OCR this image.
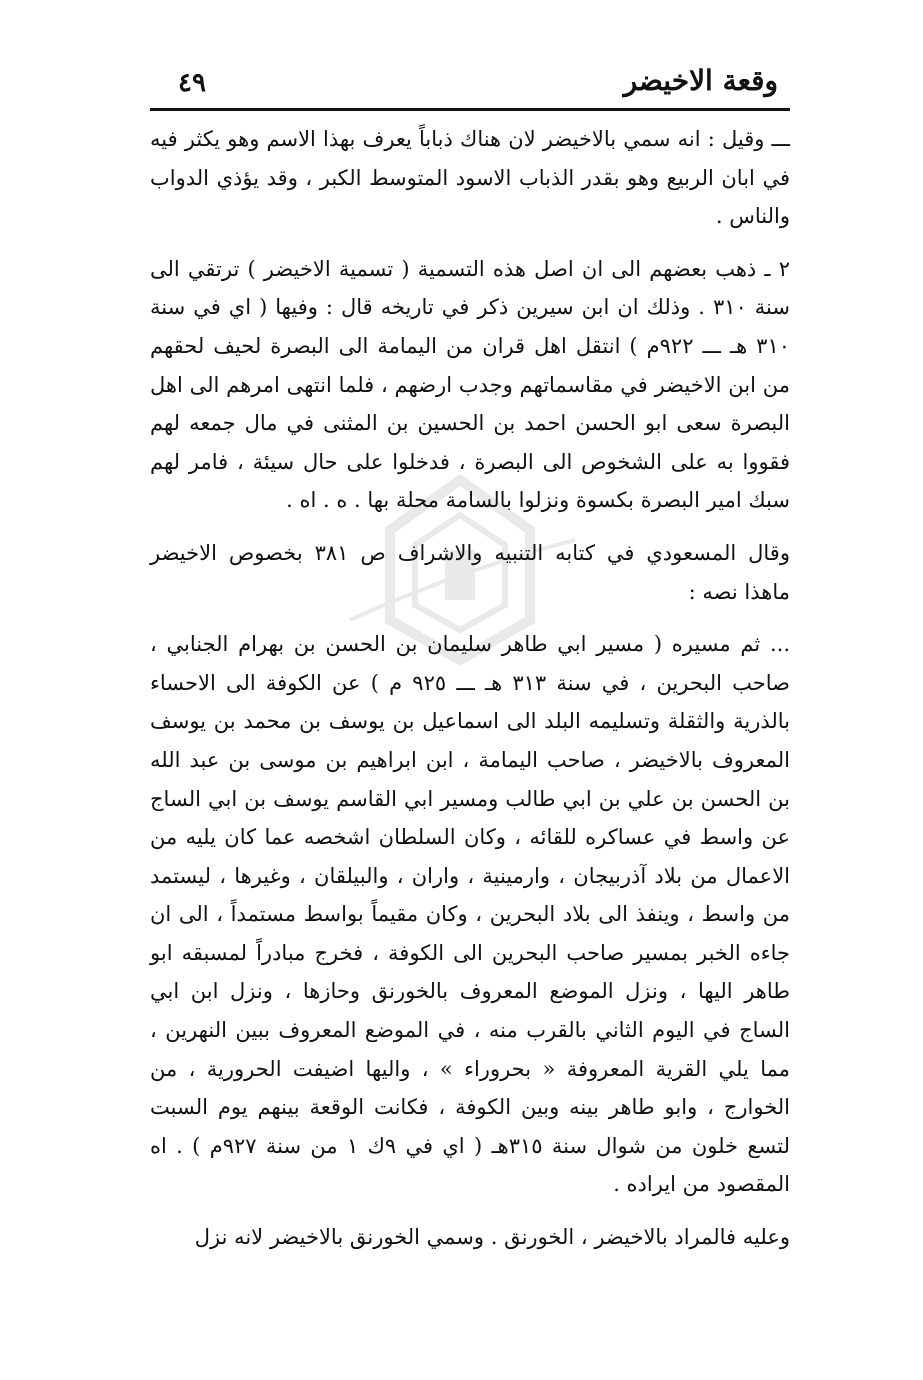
٤٩	وقعة الاخيضر

ـــ وقيل : انه سمي بالاخيضر لان هناك ذباباً يعرف بهذا الاسم وهو يكثر فيه في ابان الربيع وهو بقدر الذباب الاسود المتوسط الكبر ، وقد يؤذي الدواب والناس .

٢ ـ ذهب بعضهم الى ان اصل هذه التسمية ( تسمية الاخيضر ) ترتقي الى سنة ٣١٠ . وذلك ان ابن سيرين ذكر في تاريخه قال : وفيها ( اي في سنة ٣١٠ هـ ـــ ٩٢٢م ) انتقل اهل قران من اليمامة الى البصرة لحيف لحقهم من ابن الاخيضر في مقاسماتهم وجدب ارضهم ، فلما انتهى امرهم الى اهل البصرة سعى ابو الحسن احمد بن الحسين بن المثنى في مال جمعه لهم فقووا به على الشخوص الى البصرة ، فدخلوا على حال سيئة ، فامر لهم سبك امير البصرة بكسوة ونزلوا بالسامة محلة بها . ه . اه .

وقال المسعودي في كتابه التنبيه والاشراف ص ٣٨١ بخصوص الاخيضر ماهذا نصه :

... ثم مسيره ( مسير ابي طاهر سليمان بن الحسن بن بهرام الجنابي ، صاحب البحرين ، في سنة ٣١٣ هـ ـــ ٩٢٥ م ) عن الكوفة الى الاحساء بالذرية والثقلة وتسليمه البلد الى اسماعيل بن يوسف بن محمد بن يوسف المعروف بالاخيضر ، صاحب اليمامة ، ابن ابراهيم بن موسى بن عبد الله بن الحسن بن علي بن ابي طالب ومسير ابي القاسم يوسف بن ابي الساج عن واسط في عساكره للقائه ، وكان السلطان اشخصه عما كان يليه من الاعمال من بلاد آذربيجان ، وارمينية ، واران ، والبيلقان ، وغيرها ، ليستمد من واسط ، وينفذ الى بلاد البحرين ، وكان مقيماً بواسط مستمداً ، الى ان جاءه الخبر بمسير صاحب البحرين الى الكوفة ، فخرج مبادراً لمسبقه ابو طاهر اليها ، ونزل الموضع المعروف بالخورنق وحازها ، ونزل ابن ابي الساج في اليوم الثاني بالقرب منه ، في الموضع المعروف ببين النهرين ، مما يلي القرية المعروفة « بحروراء » ، واليها اضيفت الحرورية ، من الخوارج ، وابو طاهر بينه وبين الكوفة ، فكانت الوقعة بينهم يوم السبت لتسع خلون من شوال سنة ٣١٥هـ ( اي في ٩ك ١ من سنة ٩٢٧م ) . اه المقصود من ايراده .

وعليه فالمراد بالاخيضر ، الخورنق . وسمي الخورنق بالاخيضر لانه نزل
